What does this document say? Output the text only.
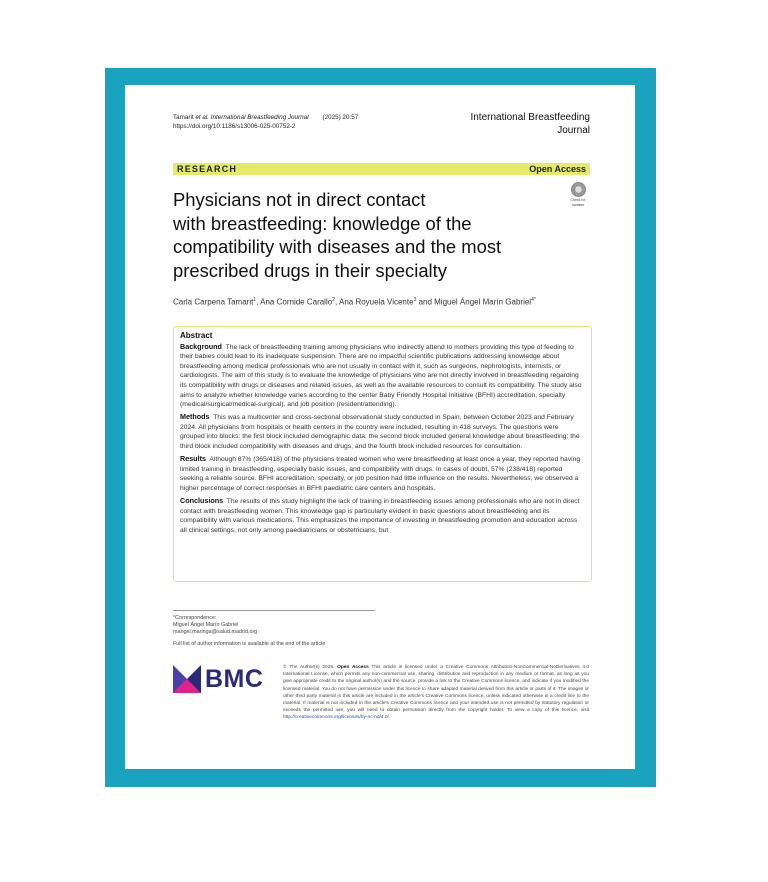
Tamarit et al. International Breastfeeding Journal (2025) 20:57
https://doi.org/10.1186/s13006-025-00752-2
International Breastfeeding
Journal
RESEARCH	Open Access
Check for
updates
Physicians not in direct contact
with breastfeeding: knowledge of the
compatibility with diseases and the most
prescribed drugs in their specialty
Carla Carpena Tamarit$^1$, Ana Cornide Carallo$^2$, Ana Royuela Vicente$^3$ and Miguel Ángel Marín Gabriel$^{4*}$
Abstract

Background The lack of breastfeeding training among physicians who indirectly attend to mothers providing this type of feeding to their babies could lead to its inadequate suspension. There are no impactful scientific publications addressing knowledge about breastfeeding among medical professionals who are not usually in contact with it, such as surgeons, nephrologists, internists, or cardiologists. The aim of this study is to evaluate the knowledge of physicians who are not directly involved in breastfeeding regarding its compatibility with drugs or diseases and related issues, as well as the available resources to consult its compatibility. The study also aims to analyze whether knowledge varies according to the center Baby Friendly Hospital Initiative (BFHI) accreditation, specialty (medical/surgical/medical-surgical), and job position (resident/attending).

Methods This was a multicenter and cross-sectional observational study conducted in Spain, between October 2023 and February 2024. All physicians from hospitals or health centers in the country were included, resulting in 418 surveys. The questions were grouped into blocks: the first block included demographic data; the second block included general knowledge about breastfeeding; the third block included compatibility with diseases and drugs; and the fourth block included resources for consultation.

Results Although 87% (365/418) of the physicians treated women who were breastfeeding at least once a year, they reported having limited training in breastfeeding, especially basic issues, and compatibility with drugs. In cases of doubt, 57% (238/418) reported seeking a reliable source. BFHI accreditation, specialty, or job position had little influence on the results. Nevertheless, we observed a higher percentage of correct responses in BFHI paediatric care centers and hospitals.

Conclusions The results of this study highlight the lack of training in breastfeeding issues among professionals who are not in direct contact with breastfeeding women. This knowledge gap is particularly evident in basic questions about breastfeeding and its compatibility with various medications. This emphasizes the importance of investing in breastfeeding promotion and education across all clinical settings, not only among paediatricians or obstetricians, but

*Correspondence:
Miguel Ángel Marín Gabriel
mangel.maringa@salud.madrid.org
Full list of author information is available at the end of the article
BMC	© The Author(s) 2025. Open Access This article is licensed under a Creative Commons Attribution-NonCommercial-NoDerivatives 4.0 International License, which permits any non-commercial use, sharing, distribution and reproduction in any medium or format, as long as you give appropriate credit to the original author(s) and the source, provide a link to the Creative Commons licence, and indicate if you modified the licensed material. You do not have permission under this licence to share adapted material derived from this article or parts of it. The images or other third party material in this article are included in the article's Creative Commons licence, unless indicated otherwise in a credit line to the material. If material is not included in the article's Creative Commons licence and your intended use is not permitted by statutory regulation or exceeds the permitted use, you will need to obtain permission directly from the copyright holder. To view a copy of this licence, visit http://creativecommons.org/licenses/by-nc-nd/4.0/.
